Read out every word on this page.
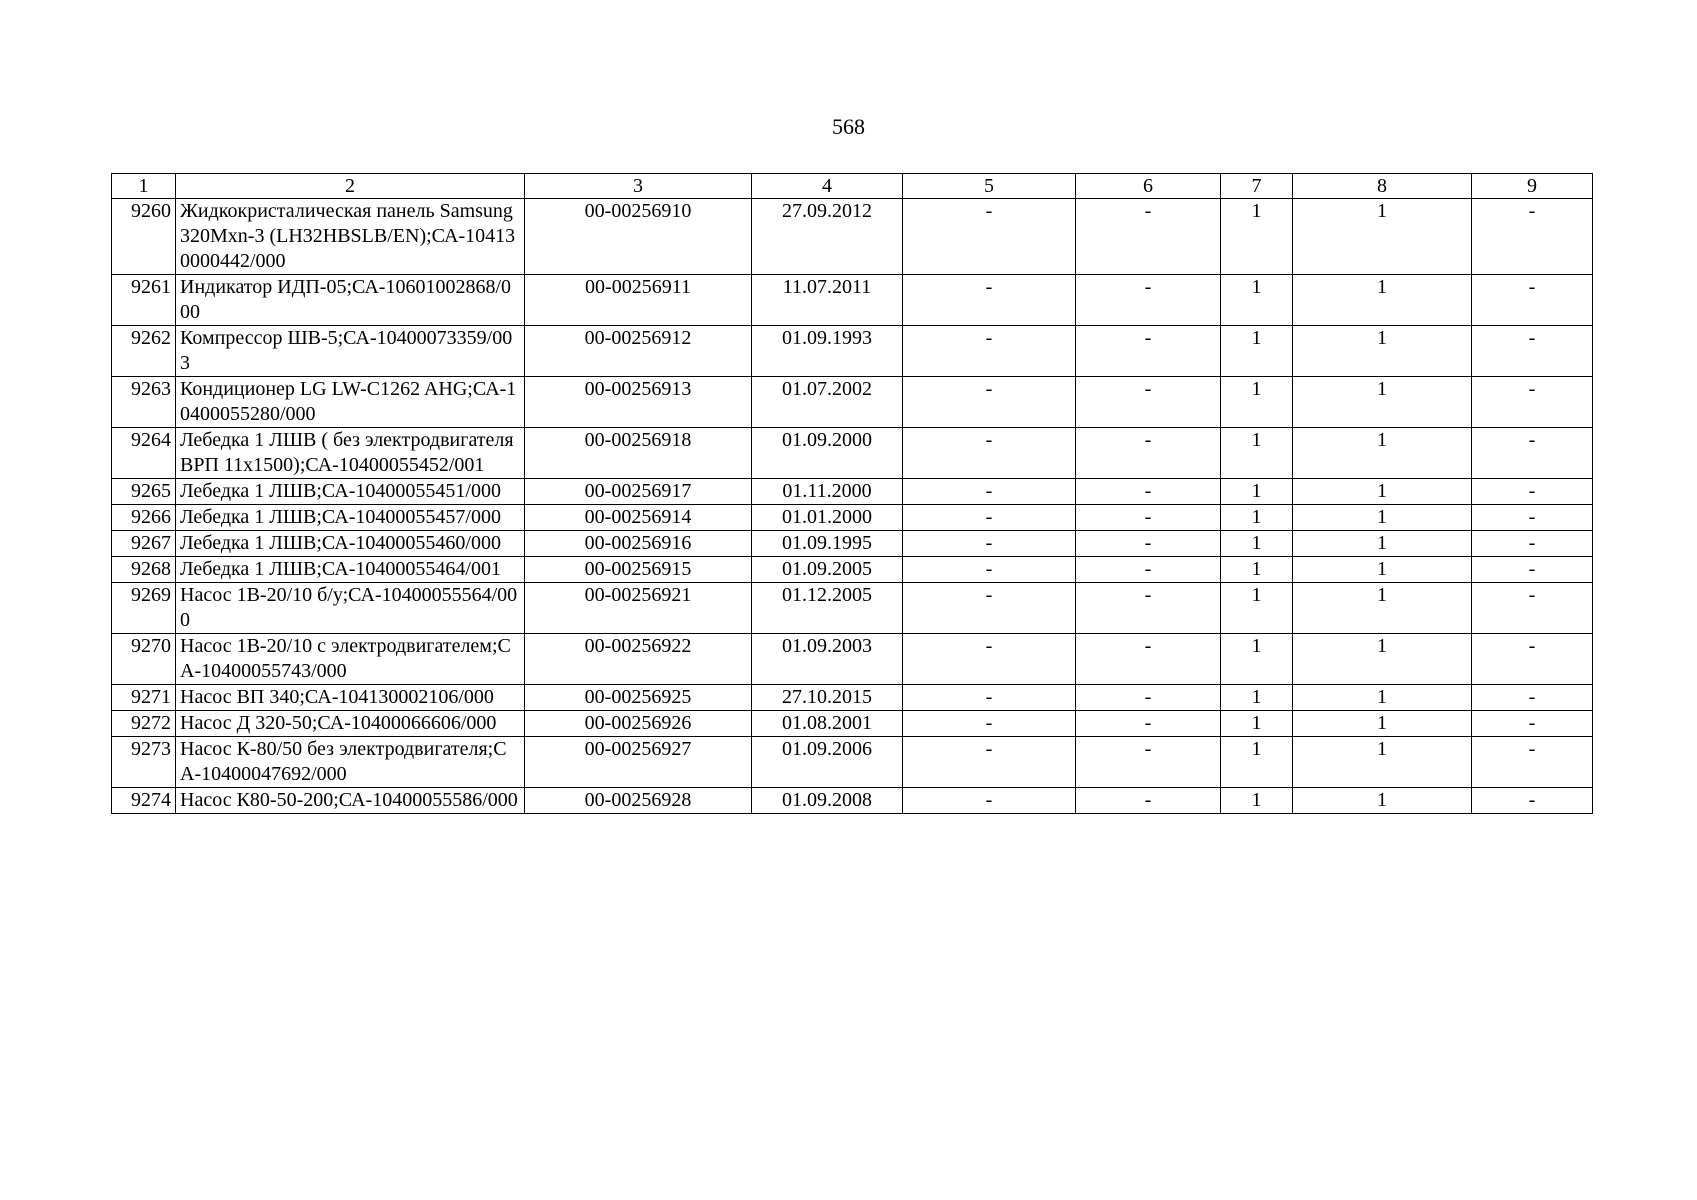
568
1	2	3	4	5	6	7	8	9
9260	Жидкокристалическая панель Samsung 320Mxn-3 (LH32HBSLB/EN);СА-104130000442/000	00-00256910	27.09.2012	-	-	1	1	-
9261	Индикатор ИДП-05;СА-10601002868/000	00-00256911	11.07.2011	-	-	1	1	-
9262	Компрессор ШВ-5;СА-10400073359/003	00-00256912	01.09.1993	-	-	1	1	-
9263	Кондиционер LG LW-C1262 AHG;СА-10400055280/000	00-00256913	01.07.2002	-	-	1	1	-
9264	Лебедка 1 ЛШВ ( без электродвигателя ВРП 11х1500);СА-10400055452/001	00-00256918	01.09.2000	-	-	1	1	-
9265	Лебедка 1 ЛШВ;СА-10400055451/000	00-00256917	01.11.2000	-	-	1	1	-
9266	Лебедка 1 ЛШВ;СА-10400055457/000	00-00256914	01.01.2000	-	-	1	1	-
9267	Лебедка 1 ЛШВ;СА-10400055460/000	00-00256916	01.09.1995	-	-	1	1	-
9268	Лебедка 1 ЛШВ;СА-10400055464/001	00-00256915	01.09.2005	-	-	1	1	-
9269	Насос 1В-20/10 б/у;СА-10400055564/000	00-00256921	01.12.2005	-	-	1	1	-
9270	Насос 1В-20/10 с электродвигателем;СА-10400055743/000	00-00256922	01.09.2003	-	-	1	1	-
9271	Насос ВП 340;СА-104130002106/000	00-00256925	27.10.2015	-	-	1	1	-
9272	Насос Д 320-50;СА-10400066606/000	00-00256926	01.08.2001	-	-	1	1	-
9273	Насос К-80/50 без электродвигателя;СА-10400047692/000	00-00256927	01.09.2006	-	-	1	1	-
9274	Насос К80-50-200;СА-10400055586/000	00-00256928	01.09.2008	-	-	1	1	-
